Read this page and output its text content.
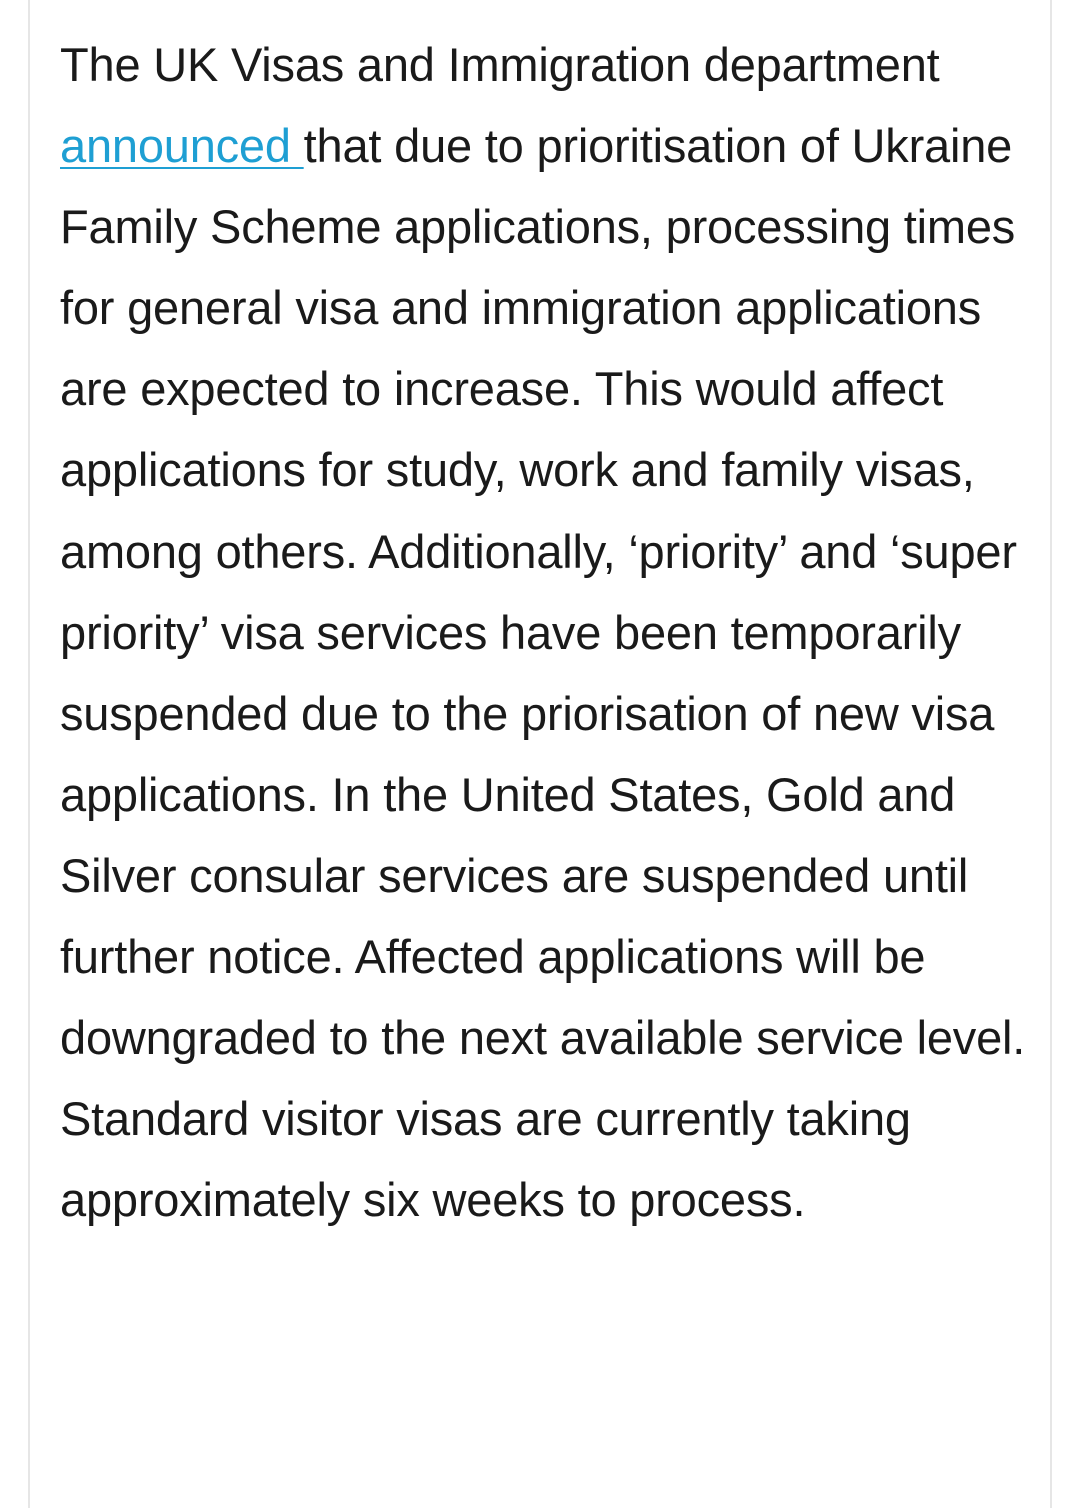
The UK Visas and Immigration department announced that due to prioritisation of Ukraine Family Scheme applications, processing times for general visa and immigration applications are expected to increase. This would affect applications for study, work and family visas, among others. Additionally, ‘priority’ and ‘super priority’ visa services have been temporarily suspended due to the priorisation of new visa applications. In the United States, Gold and Silver consular services are suspended until further notice. Affected applications will be downgraded to the next available service level. Standard visitor visas are currently taking approximately six weeks to process.
